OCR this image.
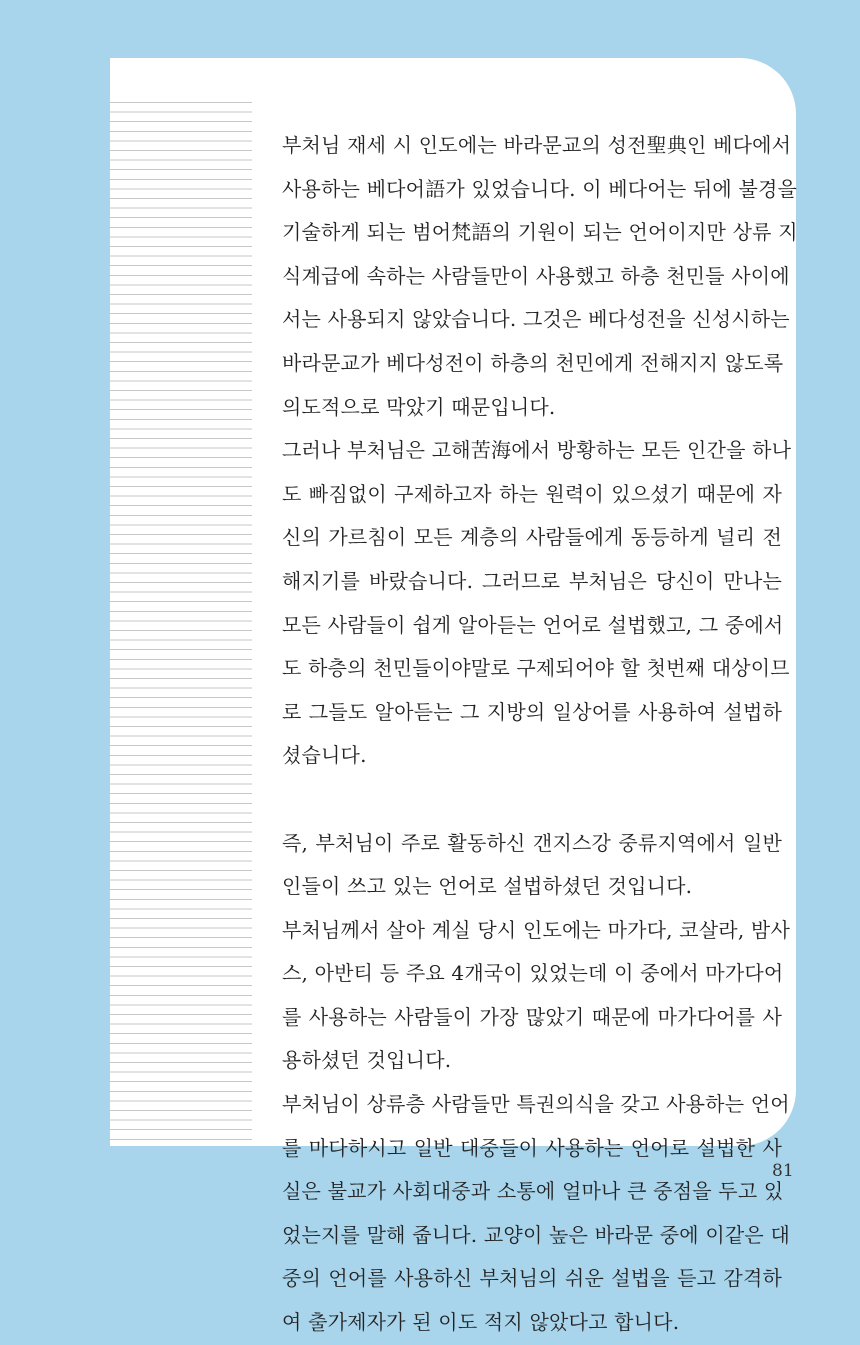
부처님 재세 시 인도에는 바라문교의 성전聖典인 베다에서
사용하는 베다어語가 있었습니다. 이 베다어는 뒤에 불경을
기술하게 되는 범어梵語의 기원이 되는 언어이지만 상류 지
식계급에 속하는 사람들만이 사용했고 하층 천민들 사이에
서는 사용되지 않았습니다. 그것은 베다성전을 신성시하는
바라문교가 베다성전이 하층의 천민에게 전해지지 않도록
의도적으로 막았기 때문입니다.
그러나 부처님은 고해苦海에서 방황하는 모든 인간을 하나
도 빠짐없이 구제하고자 하는 원력이 있으셨기 때문에 자
신의 가르침이 모든 계층의 사람들에게 동등하게 널리 전
해지기를 바랐습니다. 그러므로 부처님은 당신이 만나는
모든 사람들이 쉽게 알아듣는 언어로 설법했고, 그 중에서
도 하층의 천민들이야말로 구제되어야 할 첫번째 대상이므
로 그들도 알아듣는 그 지방의 일상어를 사용하여 설법하
셨습니다.
즉, 부처님이 주로 활동하신 갠지스강 중류지역에서 일반
인들이 쓰고 있는 언어로 설법하셨던 것입니다.
부처님께서 살아 계실 당시 인도에는 마가다, 코살라, 밤사
스, 아반티 등 주요 4개국이 있었는데 이 중에서 마가다어
를 사용하는 사람들이 가장 많았기 때문에 마가다어를 사
용하셨던 것입니다.
부처님이 상류층 사람들만 특권의식을 갖고 사용하는 언어
를 마다하시고 일반 대중들이 사용하는 언어로 설법한 사
실은 불교가 사회대중과 소통에 얼마나 큰 중점을 두고 있
었는지를 말해 줍니다. 교양이 높은 바라문 중에 이같은 대
중의 언어를 사용하신 부처님의 쉬운 설법을 듣고 감격하
여 출가제자가 된 이도 적지 않았다고 합니다.
81
